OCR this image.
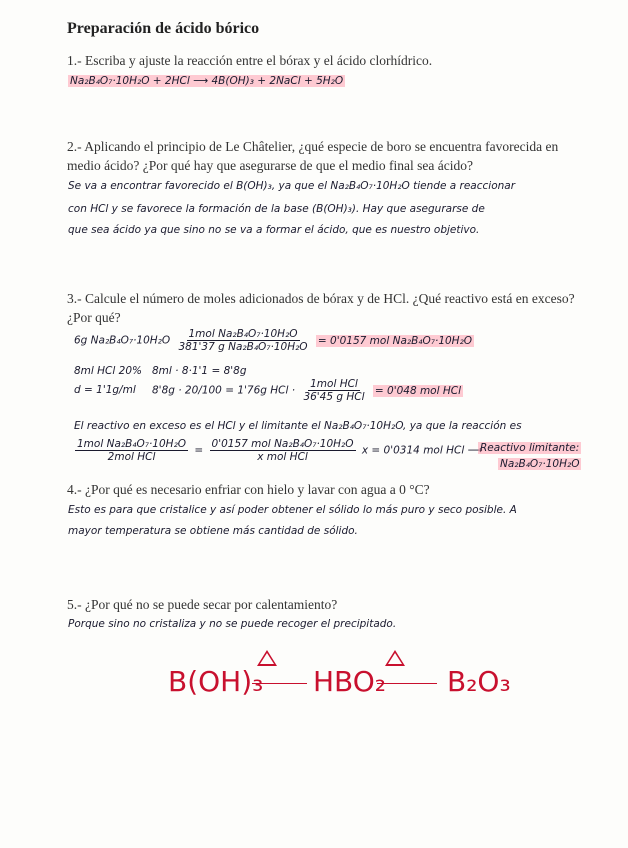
Preparación de ácido bórico
1.- Escriba y ajuste la reacción entre el bórax y el ácido clorhídrico.
Na₂B₄O₇·10H₂O + 2HCl ⟶ 4B(OH)₃ + 2NaCl + 5H₂O
2.- Aplicando el principio de Le Châtelier, ¿qué especie de boro se encuentra favorecida en
medio ácido? ¿Por qué hay que asegurarse de que el medio final sea ácido?
Se va a encontrar favorecido el B(OH)₃, ya que el Na₂B₄O₇·10H₂O tiende a reaccionar
con HCl y se favorece la formación de la base (B(OH)₃). Hay que asegurarse de
que sea ácido ya que sino no se va a formar el ácido, que es nuestro objetivo.
3.- Calcule el número de moles adicionados de bórax y de HCl. ¿Qué reactivo está en exceso?
¿Por qué?
6g $Na_2B_4O_7\cdot 10H_2O \frac{\text{1mol Na₂B₄O₇·10H₂O}}{\text{381'37 g Na₂B₄O₇·10H₂O}} = 0'0157$ mol Na₂B₄O₇·10H₂O
8ml HCl 20%
d = 1'1g/ml
8ml · 8·1'1 = 8'8g
8'8g · 20/100 = 1'76g HCl · $\frac{\text{1mol HCl}}{\text{36'45 g HCl}} = 0'048$ mol HCl
El reactivo en exceso es el HCl y el limitante el Na₂B₄O₇·10H₂O, ya que la reacción es
$\frac{\text{1mol Na₂B₄O₇·10H₂O}}{\text{2mol HCl}} = \frac{\text{0'0157 mol Na₂B₄O₇·10H₂O}}{\text{x mol HCl}}$ x = 0'0314 mol HCl ⟶
Reactivo limitante:
Na₂B₄O₇·10H₂O
4.- ¿Por qué es necesario enfriar con hielo y lavar con agua a 0 °C?
Esto es para que cristalice y así poder obtener el sólido lo más puro y seco posible. A
mayor temperatura se obtiene más cantidad de sólido.
5.- ¿Por qué no se puede secar por calentamiento?
Porque sino no cristaliza y no se puede recoger el precipitado.
B(OH)₃ HBO₂ B₂O₃
